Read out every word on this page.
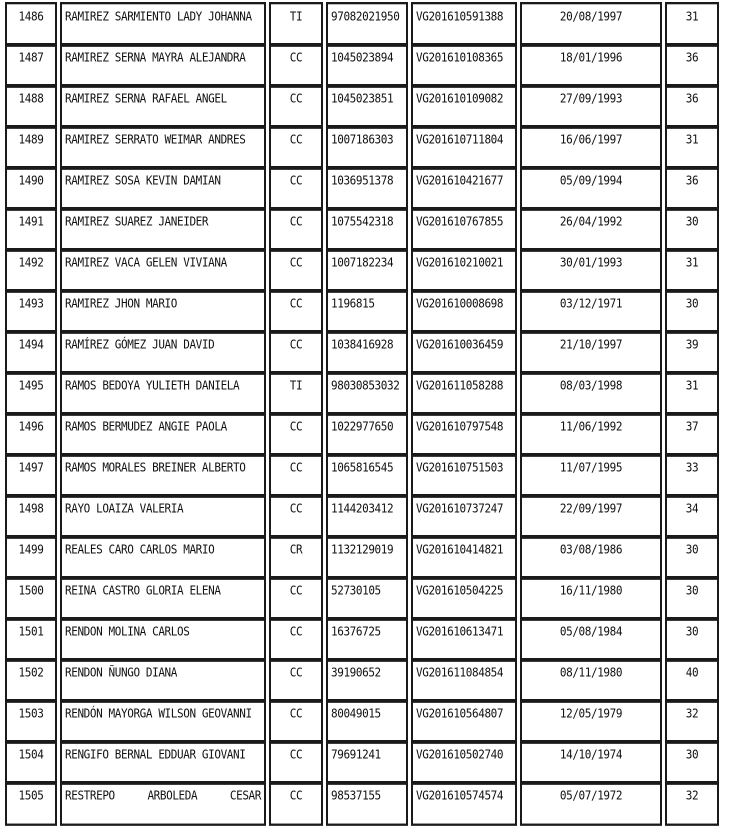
1486	RAMIREZ SARMIENTO LADY JOHANNA	TI	97082021950	VG201610591388	20/08/1997	31
1487	RAMIREZ SERNA MAYRA ALEJANDRA	CC	1045023894	VG201610108365	18/01/1996	36
1488	RAMIREZ SERNA RAFAEL ANGEL	CC	1045023851	VG201610109082	27/09/1993	36
1489	RAMIREZ SERRATO WEIMAR ANDRES	CC	1007186303	VG201610711804	16/06/1997	31
1490	RAMIREZ SOSA KEVIN DAMIAN	CC	1036951378	VG201610421677	05/09/1994	36
1491	RAMIREZ SUAREZ JANEIDER	CC	1075542318	VG201610767855	26/04/1992	30
1492	RAMIREZ VACA GELEN VIVIANA	CC	1007182234	VG201610210021	30/01/1993	31
1493	RAMIREZ JHON MARIO	CC	1196815	VG201610008698	03/12/1971	30
1494	RAMÍREZ GÓMEZ JUAN DAVID	CC	1038416928	VG201610036459	21/10/1997	39
1495	RAMOS BEDOYA YULIETH DANIELA	TI	98030853032	VG201611058288	08/03/1998	31
1496	RAMOS BERMUDEZ ANGIE PAOLA	CC	1022977650	VG201610797548	11/06/1992	37
1497	RAMOS MORALES BREINER ALBERTO	CC	1065816545	VG201610751503	11/07/1995	33
1498	RAYO LOAIZA VALERIA	CC	1144203412	VG201610737247	22/09/1997	34
1499	REALES CARO CARLOS MARIO	CR	1132129019	VG201610414821	03/08/1986	30
1500	REINA CASTRO GLORIA ELENA	CC	52730105	VG201610504225	16/11/1980	30
1501	RENDON MOLINA CARLOS	CC	16376725	VG201610613471	05/08/1984	30
1502	RENDON ÑUNGO DIANA	CC	39190652	VG201611084854	08/11/1980	40
1503	RENDÓN MAYORGA WILSON GEOVANNI	CC	80049015	VG201610564807	12/05/1979	32
1504	RENGIFO BERNAL EDDUAR GIOVANI	CC	79691241	VG201610502740	14/10/1974	30
1505	RESTREPO ARBOLEDA CESAR	CC	98537155	VG201610574574	05/07/1972	32
